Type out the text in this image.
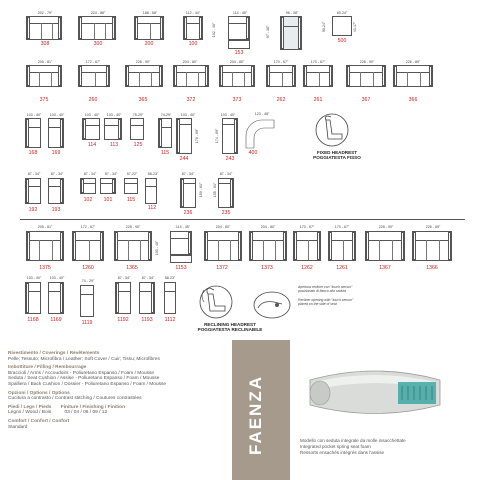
202 - 79"
308
224 - 88"
300
188 - 68"
200
112 - 44"
100
102 - 40"
114 - 45"
153
97 - 38"
96 - 38"	60-24"
90-24"	43-17"
500
205 - 81"
375
172 - 67"
260
228 - 90"
365
204 - 80"
372
204 - 80"
373
170 - 67"
262
170 - 67"
261
228 - 90"
367
226 - 89"
366
103 - 40"
168
103 - 40"
169
103 - 40"
114
103 - 40"
113
75-29"
125
74-29"
115
103 - 40"
176 - 69"
244
103 - 40"
174 - 69"
243
123 - 48"
400	FIXED HEADREST
POGGIATESTA FISSO
87 - 34"
192
87 - 34"
193
87 - 34"
102
87 - 34"
101
57-22"
115
58-23"
112
87 - 34"
150 - 61"
236
87 - 34"
155 - 61"
235
205 - 81"
1375
172 - 67"
1260
228 - 90"
103 - 40"
1365
114 - 45"
1153
204 - 80"
1372
204 - 80"
1373
170 - 67"
1262
170 - 67"
1261
228 - 90"
1367
226 - 89"
1366
103 - 40"
1168
103 - 40"
1169
74 - 29"
1119
87 - 34"
1192
87 - 34"
1193
58-23"
1112
RECLINING HEADREST
POGGIATESTA RECLINABILE
Apertura recliner con "touch sensor"
posizionato di fianco alla seduta
Recliner opening with "touch sensor"
placed on the side of seat
Rivestimento / Coverings / Revêtements
Pelle; Tessuto; Microfibra / Leather; Soft Cover / Cuir; Tissu; Microfibres
Imbottiture / Filling / Rembourrage
Braccioli / Arms / Accoudoirs - Poliuretano Espanso / Foam / Mousse
Seduta / Seat Cushion / Assise - Poliuretano Espanso / Foam / Mousse
Spalliera / Back Cushion / Dossier - Poliuretano Espanso / Foam / Mousse
Opzioni / Options / Options
Cucitura a contrasto / Contrast stitching / Coutures contrastées
Piedi / Legs / Pieds       Finiture / Finishing / Finition
Legno / Wood / Bois          03 / 04 / 06 / 09 / 12
Comfort / Confort / Confort
Standard	FAENZA	Modello con seduta integrale da molle insacchettate
Integrated pocket spring seat foam
Ressorts ensachés intégrés dans l'assise
